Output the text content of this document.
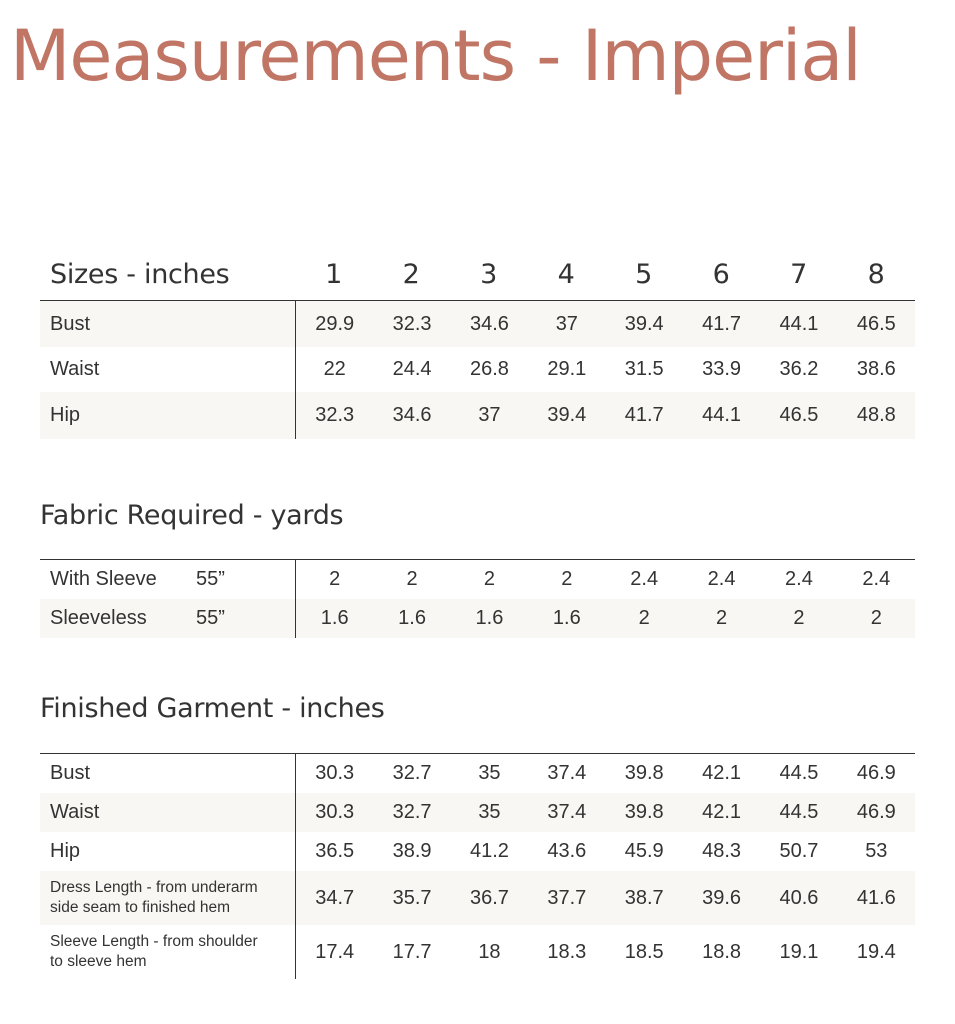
Measurements - Imperial
Sizes - inches	1	2	3	4	5	6	7	8
Bust	29.9	32.3	34.6	37	39.4	41.7	44.1	46.5
Waist	22	24.4	26.8	29.1	31.5	33.9	36.2	38.6
Hip	32.3	34.6	37	39.4	41.7	44.1	46.5	48.8
Fabric Required - yards
With Sleeve 55”	2	2	2	2	2.4	2.4	2.4	2.4
Sleeveless 55”	1.6	1.6	1.6	1.6	2	2	2	2
Finished Garment - inches
Bust	30.3	32.7	35	37.4	39.8	42.1	44.5	46.9
Waist	30.3	32.7	35	37.4	39.8	42.1	44.5	46.9
Hip	36.5	38.9	41.2	43.6	45.9	48.3	50.7	53
Dress Length - from underarm
side seam to finished hem	34.7	35.7	36.7	37.7	38.7	39.6	40.6	41.6
Sleeve Length - from shoulder
to sleeve hem	17.4	17.7	18	18.3	18.5	18.8	19.1	19.4
